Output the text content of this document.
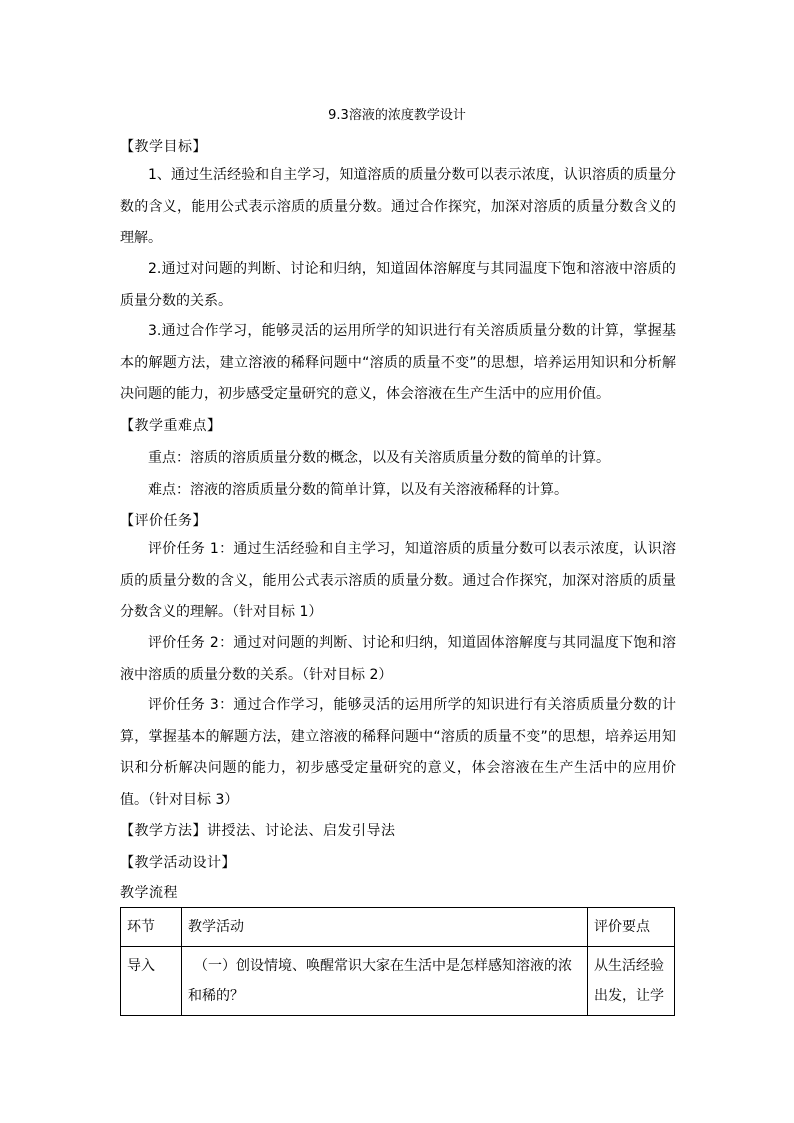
9.3溶液的浓度教学设计
【教学目标】
1、通过生活经验和自主学习，知道溶质的质量分数可以表示浓度，认识溶质的质量分数的含义，能用公式表示溶质的质量分数。通过合作探究，加深对溶质的质量分数含义的理解。
2.通过对问题的判断、讨论和归纳，知道固体溶解度与其同温度下饱和溶液中溶质的质量分数的关系。
3.通过合作学习，能够灵活的运用所学的知识进行有关溶质质量分数的计算，掌握基本的解题方法，建立溶液的稀释问题中“溶质的质量不变”的思想，培养运用知识和分析解决问题的能力，初步感受定量研究的意义，体会溶液在生产生活中的应用价值。
【教学重难点】
重点：溶质的溶质质量分数的概念，以及有关溶质质量分数的简单的计算。
难点：溶液的溶质质量分数的简单计算，以及有关溶液稀释的计算。
【评价任务】
评价任务 1：通过生活经验和自主学习，知道溶质的质量分数可以表示浓度，认识溶质的质量分数的含义，能用公式表示溶质的质量分数。通过合作探究，加深对溶质的质量分数含义的理解。（针对目标 1）
评价任务 2：通过对问题的判断、讨论和归纳，知道固体溶解度与其同温度下饱和溶液中溶质的质量分数的关系。（针对目标 2）
评价任务 3：通过合作学习，能够灵活的运用所学的知识进行有关溶质质量分数的计算，掌握基本的解题方法，建立溶液的稀释问题中“溶质的质量不变”的思想，培养运用知识和分析解决问题的能力，初步感受定量研究的意义，体会溶液在生产生活中的应用价值。（针对目标 3）
【教学方法】讲授法、讨论法、启发引导法
【教学活动设计】
教学流程
环节	教学活动	评价要点
导入	（一）创设情境、唤醒常识大家在生活中是怎样感知溶液的浓和稀的？	从生活经验出发，让学
